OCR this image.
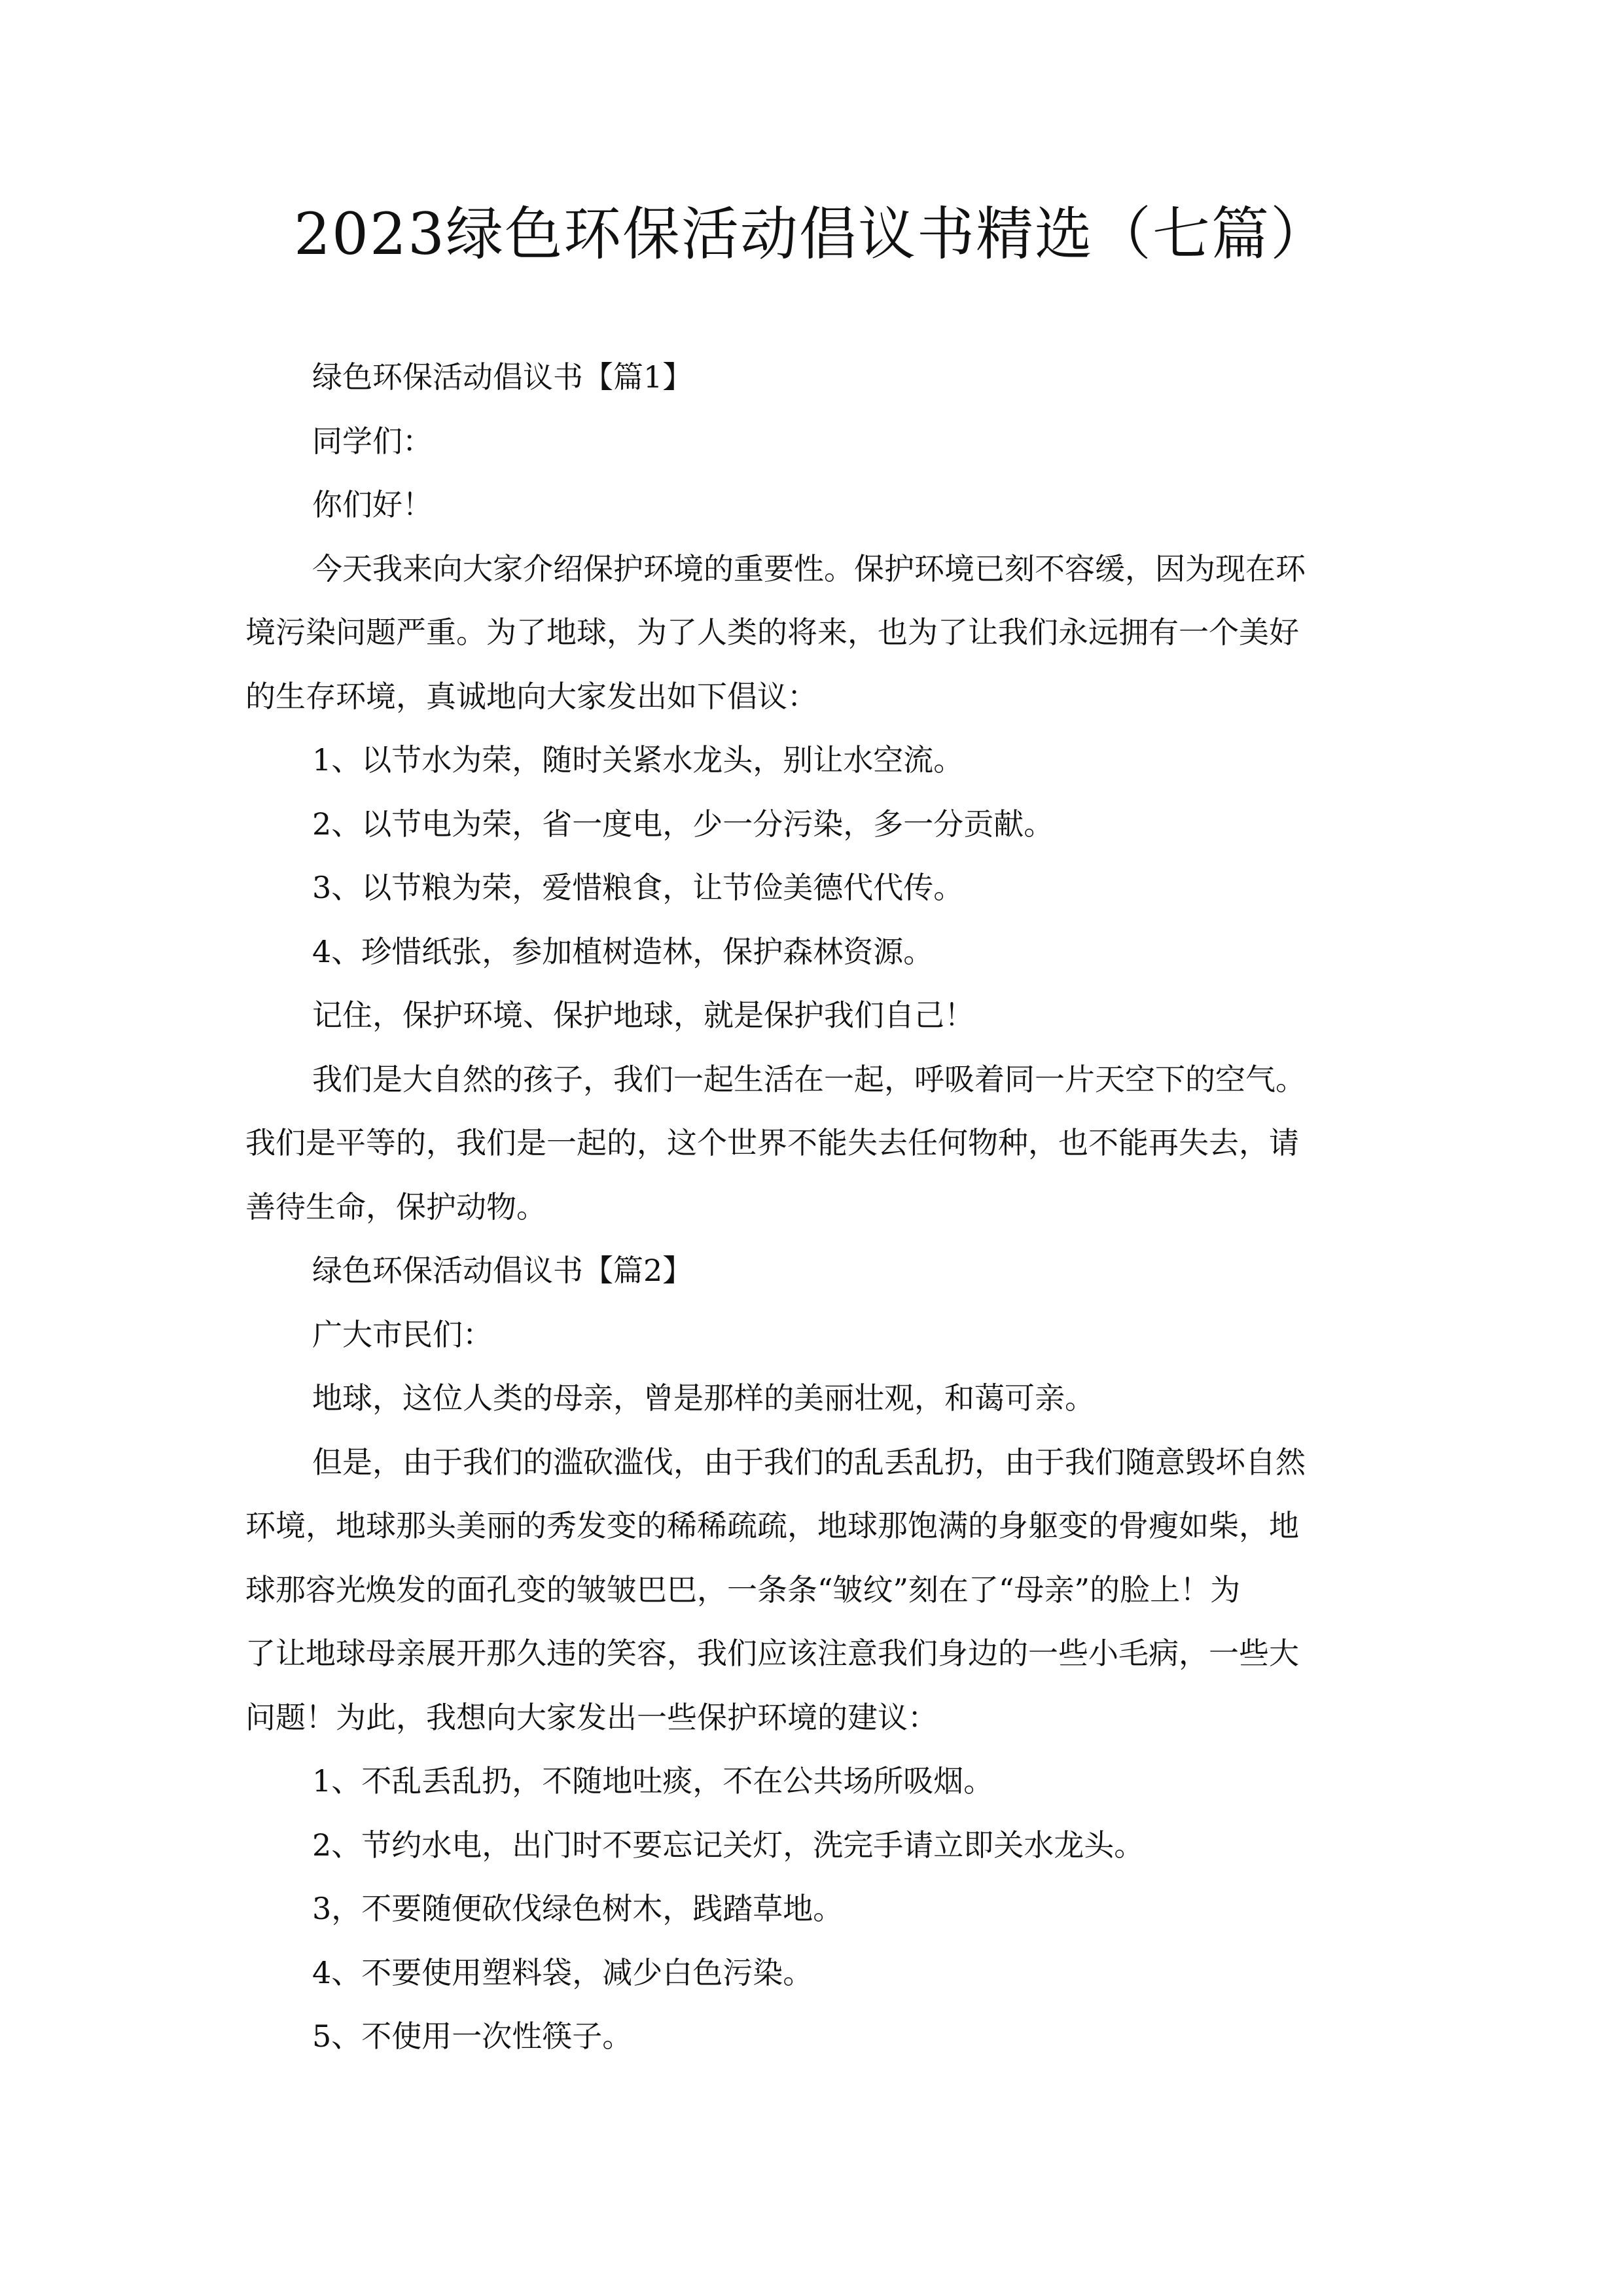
2023绿色环保活动倡议书精选（七篇）

绿色环保活动倡议书【篇1】

同学们：

你们好！

今天我来向大家介绍保护环境的重要性。保护环境已刻不容缓，因为现在环

境污染问题严重。为了地球，为了人类的将来，也为了让我们永远拥有一个美好

的生存环境，真诚地向大家发出如下倡议：

1、以节水为荣，随时关紧水龙头，别让水空流。

2、以节电为荣，省一度电，少一分污染，多一分贡献。

3、以节粮为荣，爱惜粮食，让节俭美德代代传。

4、珍惜纸张，参加植树造林，保护森林资源。

记住，保护环境、保护地球，就是保护我们自己！

我们是大自然的孩子，我们一起生活在一起，呼吸着同一片天空下的空气。

我们是平等的，我们是一起的，这个世界不能失去任何物种，也不能再失去，请

善待生命，保护动物。

绿色环保活动倡议书【篇2】

广大市民们：

地球，这位人类的母亲，曾是那样的美丽壮观，和蔼可亲。

但是，由于我们的滥砍滥伐，由于我们的乱丢乱扔，由于我们随意毁坏自然

环境，地球那头美丽的秀发变的稀稀疏疏，地球那饱满的身躯变的骨瘦如柴，地

球那容光焕发的面孔变的皱皱巴巴，一条条“皱纹”刻在了“母亲”的脸上！为

了让地球母亲展开那久违的笑容，我们应该注意我们身边的一些小毛病，一些大

问题！为此，我想向大家发出一些保护环境的建议：

1、不乱丢乱扔，不随地吐痰，不在公共场所吸烟。

2、节约水电，出门时不要忘记关灯，洗完手请立即关水龙头。

3，不要随便砍伐绿色树木，践踏草地。

4、不要使用塑料袋，减少白色污染。

5、不使用一次性筷子。
